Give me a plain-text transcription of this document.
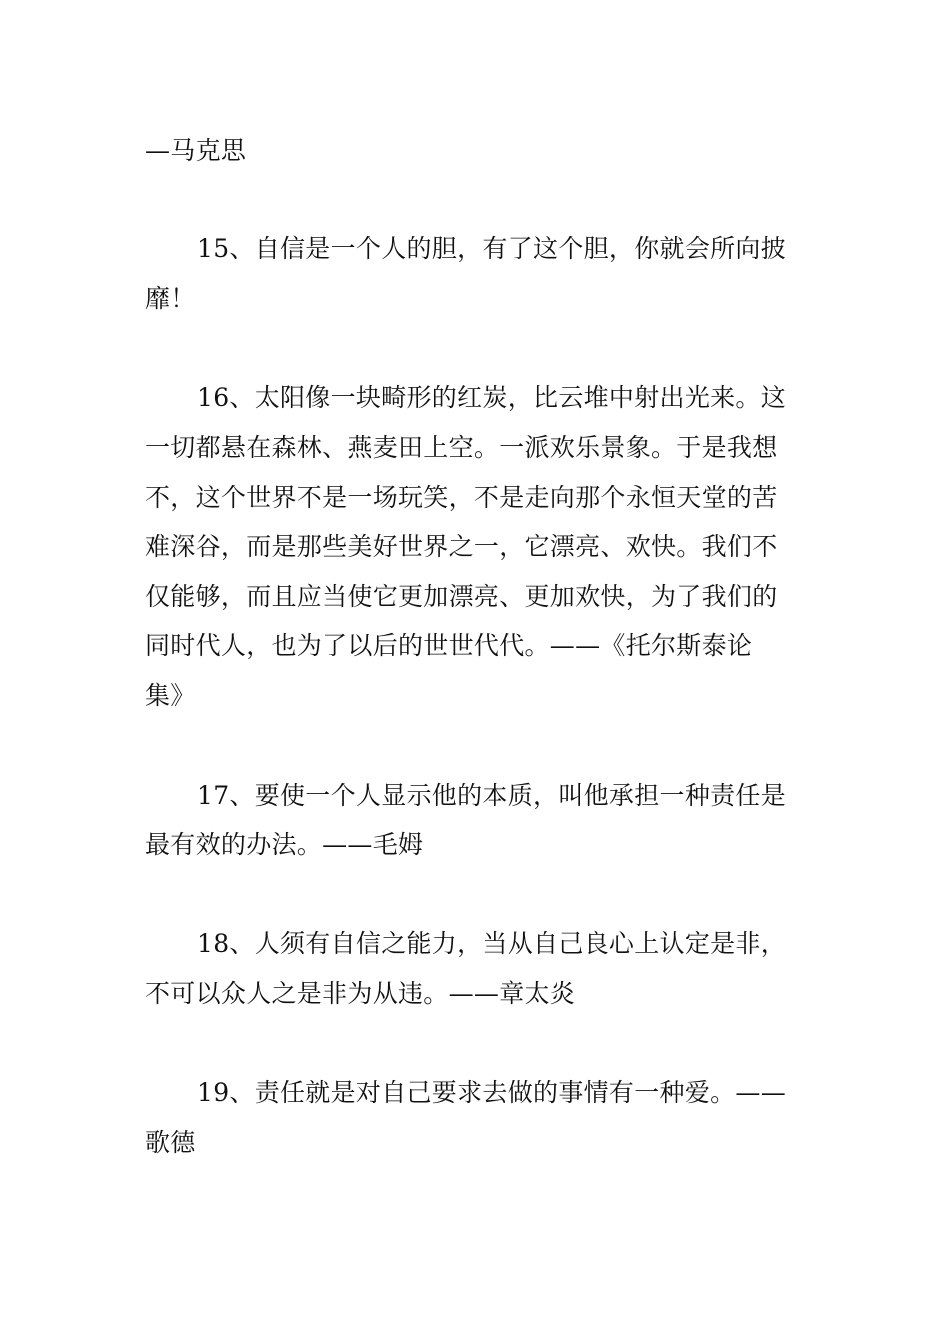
—马克思
15、自信是一个人的胆，有了这个胆，你就会所向披
靡！
16、太阳像一块畸形的红炭，比云堆中射出光来。这
一切都悬在森林、燕麦田上空。一派欢乐景象。于是我想
不，这个世界不是一场玩笑，不是走向那个永恒天堂的苦
难深谷，而是那些美好世界之一，它漂亮、欢快。我们不
仅能够，而且应当使它更加漂亮、更加欢快，为了我们的
同时代人，也为了以后的世世代代。——《托尔斯泰论
集》
17、要使一个人显示他的本质，叫他承担一种责任是
最有效的办法。——毛姆
18、人须有自信之能力，当从自己良心上认定是非，
不可以众人之是非为从违。——章太炎
19、责任就是对自己要求去做的事情有一种爱。——
歌德
